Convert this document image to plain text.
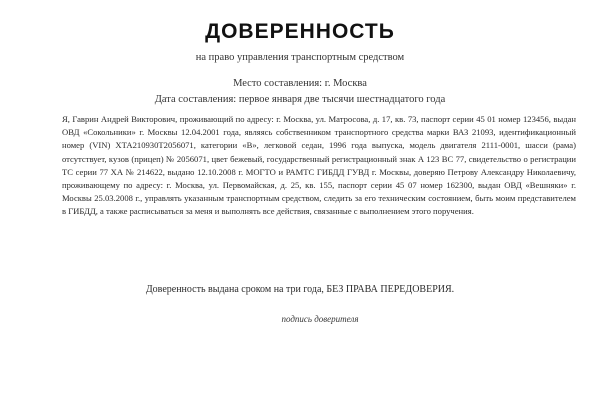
ДОВЕРЕННОСТЬ
на право управления транспортным средством
Место составления: г. Москва
Дата составления: первое января две тысячи шестнадцатого года

Я, Гаврин Андрей Викторович, проживающий по адресу: г. Москва, ул. Матросова, д. 17, кв. 73, паспорт серии 45 01 номер 123456, выдан ОВД «Сокольники» г. Москвы 12.04.2001 года, являясь собственником транспортного средства марки ВАЗ 21093, идентификационный номер (VIN) ХТА210930Т2056071, категории «В», легковой седан, 1996 года выпуска, модель двигателя 2111-0001, шасси (рама) отсутствует, кузов (прицеп) № 2056071, цвет бежевый, государственный регистрационный знак А 123 ВС 77, свидетельство о регистрации ТС серии 77 ХА № 214622, выдано 12.10.2008 г. МОГТО и РАМТС ГИБДД ГУВД г. Москвы, доверяю Петрову Александру Николаевичу, проживающему по адресу: г. Москва, ул. Первомайская, д. 25, кв. 155, паспорт серии 45 07 номер 162300, выдан ОВД «Вешняки» г. Москвы 25.03.2008 г., управлять указанным транспортным средством, следить за его техническим состоянием, быть моим представителем в ГИБДД, а также расписываться за меня и выполнять все действия, связанные с выполнением этого поручения.

Доверенность выдана сроком на три года, БЕЗ ПРАВА ПЕРЕДОВЕРИЯ.
подпись доверителя
